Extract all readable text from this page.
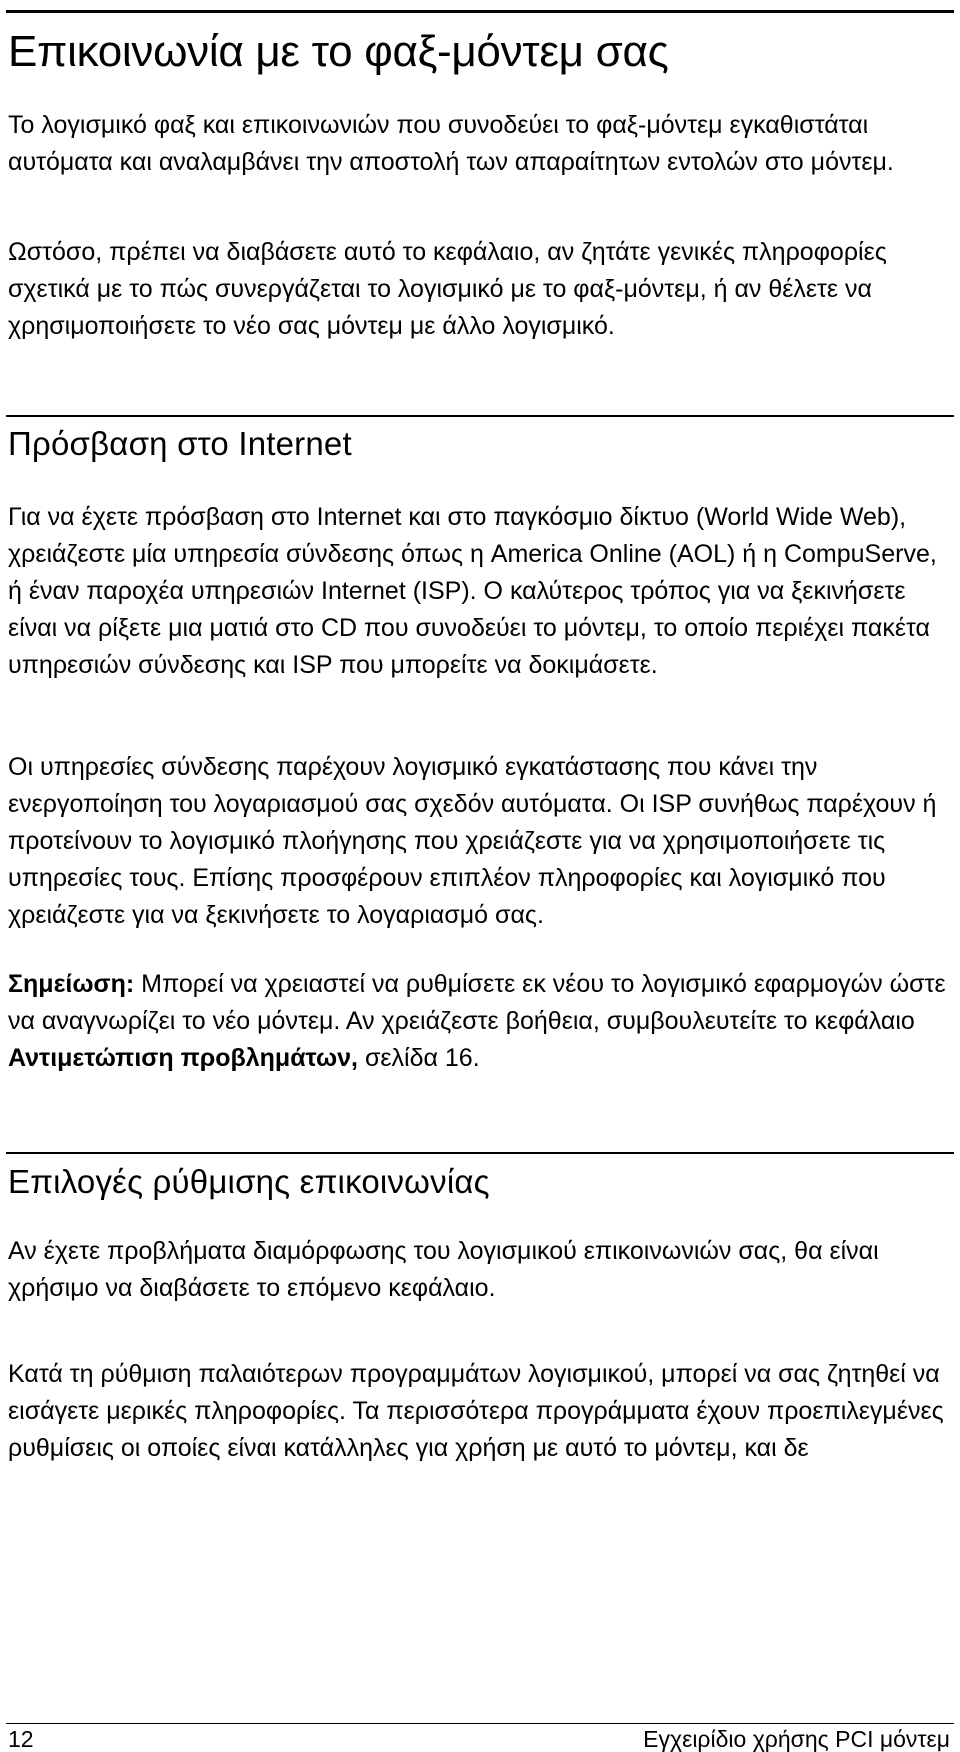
Επικοινωνία με το φαξ-μόντεμ σας

Το λογισμικό φαξ και επικοινωνιών που συνοδεύει το φαξ-μόντεμ εγκαθιστάται αυτόματα και αναλαμβάνει την αποστολή των απαραίτητων εντολών στο μόντεμ.

Ωστόσο, πρέπει να διαβάσετε αυτό το κεφάλαιο, αν ζητάτε γενικές πληροφορίες σχετικά με το πώς συνεργάζεται το λογισμικό με το φαξ-μόντεμ, ή αν θέλετε να χρησιμοποιήσετε το νέο σας μόντεμ με άλλο λογισμικό.

Πρόσβαση στο Internet

Για να έχετε πρόσβαση στο Internet και στο παγκόσμιο δίκτυο (World Wide Web), χρειάζεστε μία υπηρεσία σύνδεσης όπως η America Online (AOL) ή η CompuServe, ή έναν παροχέα υπηρεσιών Internet (ISP). Ο καλύτερος τρόπος για να ξεκινήσετε είναι να ρίξετε μια ματιά στο CD που συνοδεύει το μόντεμ, το οποίο περιέχει πακέτα υπηρεσιών σύνδεσης και ISP που μπορείτε να δοκιμάσετε.

Οι υπηρεσίες σύνδεσης παρέχουν λογισμικό εγκατάστασης που κάνει την ενεργοποίηση του λογαριασμού σας σχεδόν αυτόματα. Οι ISP συνήθως παρέχουν ή προτείνουν το λογισμικό πλοήγησης που χρειάζεστε για να χρησιμοποιήσετε τις υπηρεσίες τους. Επίσης προσφέρουν επιπλέον πληροφορίες και λογισμικό που χρειάζεστε για να ξεκινήσετε το λογαριασμό σας.

Σημείωση: Μπορεί να χρειαστεί να ρυθμίσετε εκ νέου το λογισμικό εφαρμογών ώστε να αναγνωρίζει το νέο μόντεμ. Αν χρειάζεστε βοήθεια, συμβουλευτείτε το κεφάλαιο Αντιμετώπιση προβλημάτων, σελίδα 16.

Επιλογές ρύθμισης επικοινωνίας

Αν έχετε προβλήματα διαμόρφωσης του λογισμικού επικοινωνιών σας, θα είναι χρήσιμο να διαβάσετε το επόμενο κεφάλαιο.

Κατά τη ρύθμιση παλαιότερων προγραμμάτων λογισμικού, μπορεί να σας ζητηθεί να εισάγετε μερικές πληροφορίες. Τα περισσότερα προγράμματα έχουν προεπιλεγμένες ρυθμίσεις οι οποίες είναι κατάλληλες για χρήση με αυτό το μόντεμ, και δε

12	Εγχειρίδιο χρήσης PCI μόντεμ
